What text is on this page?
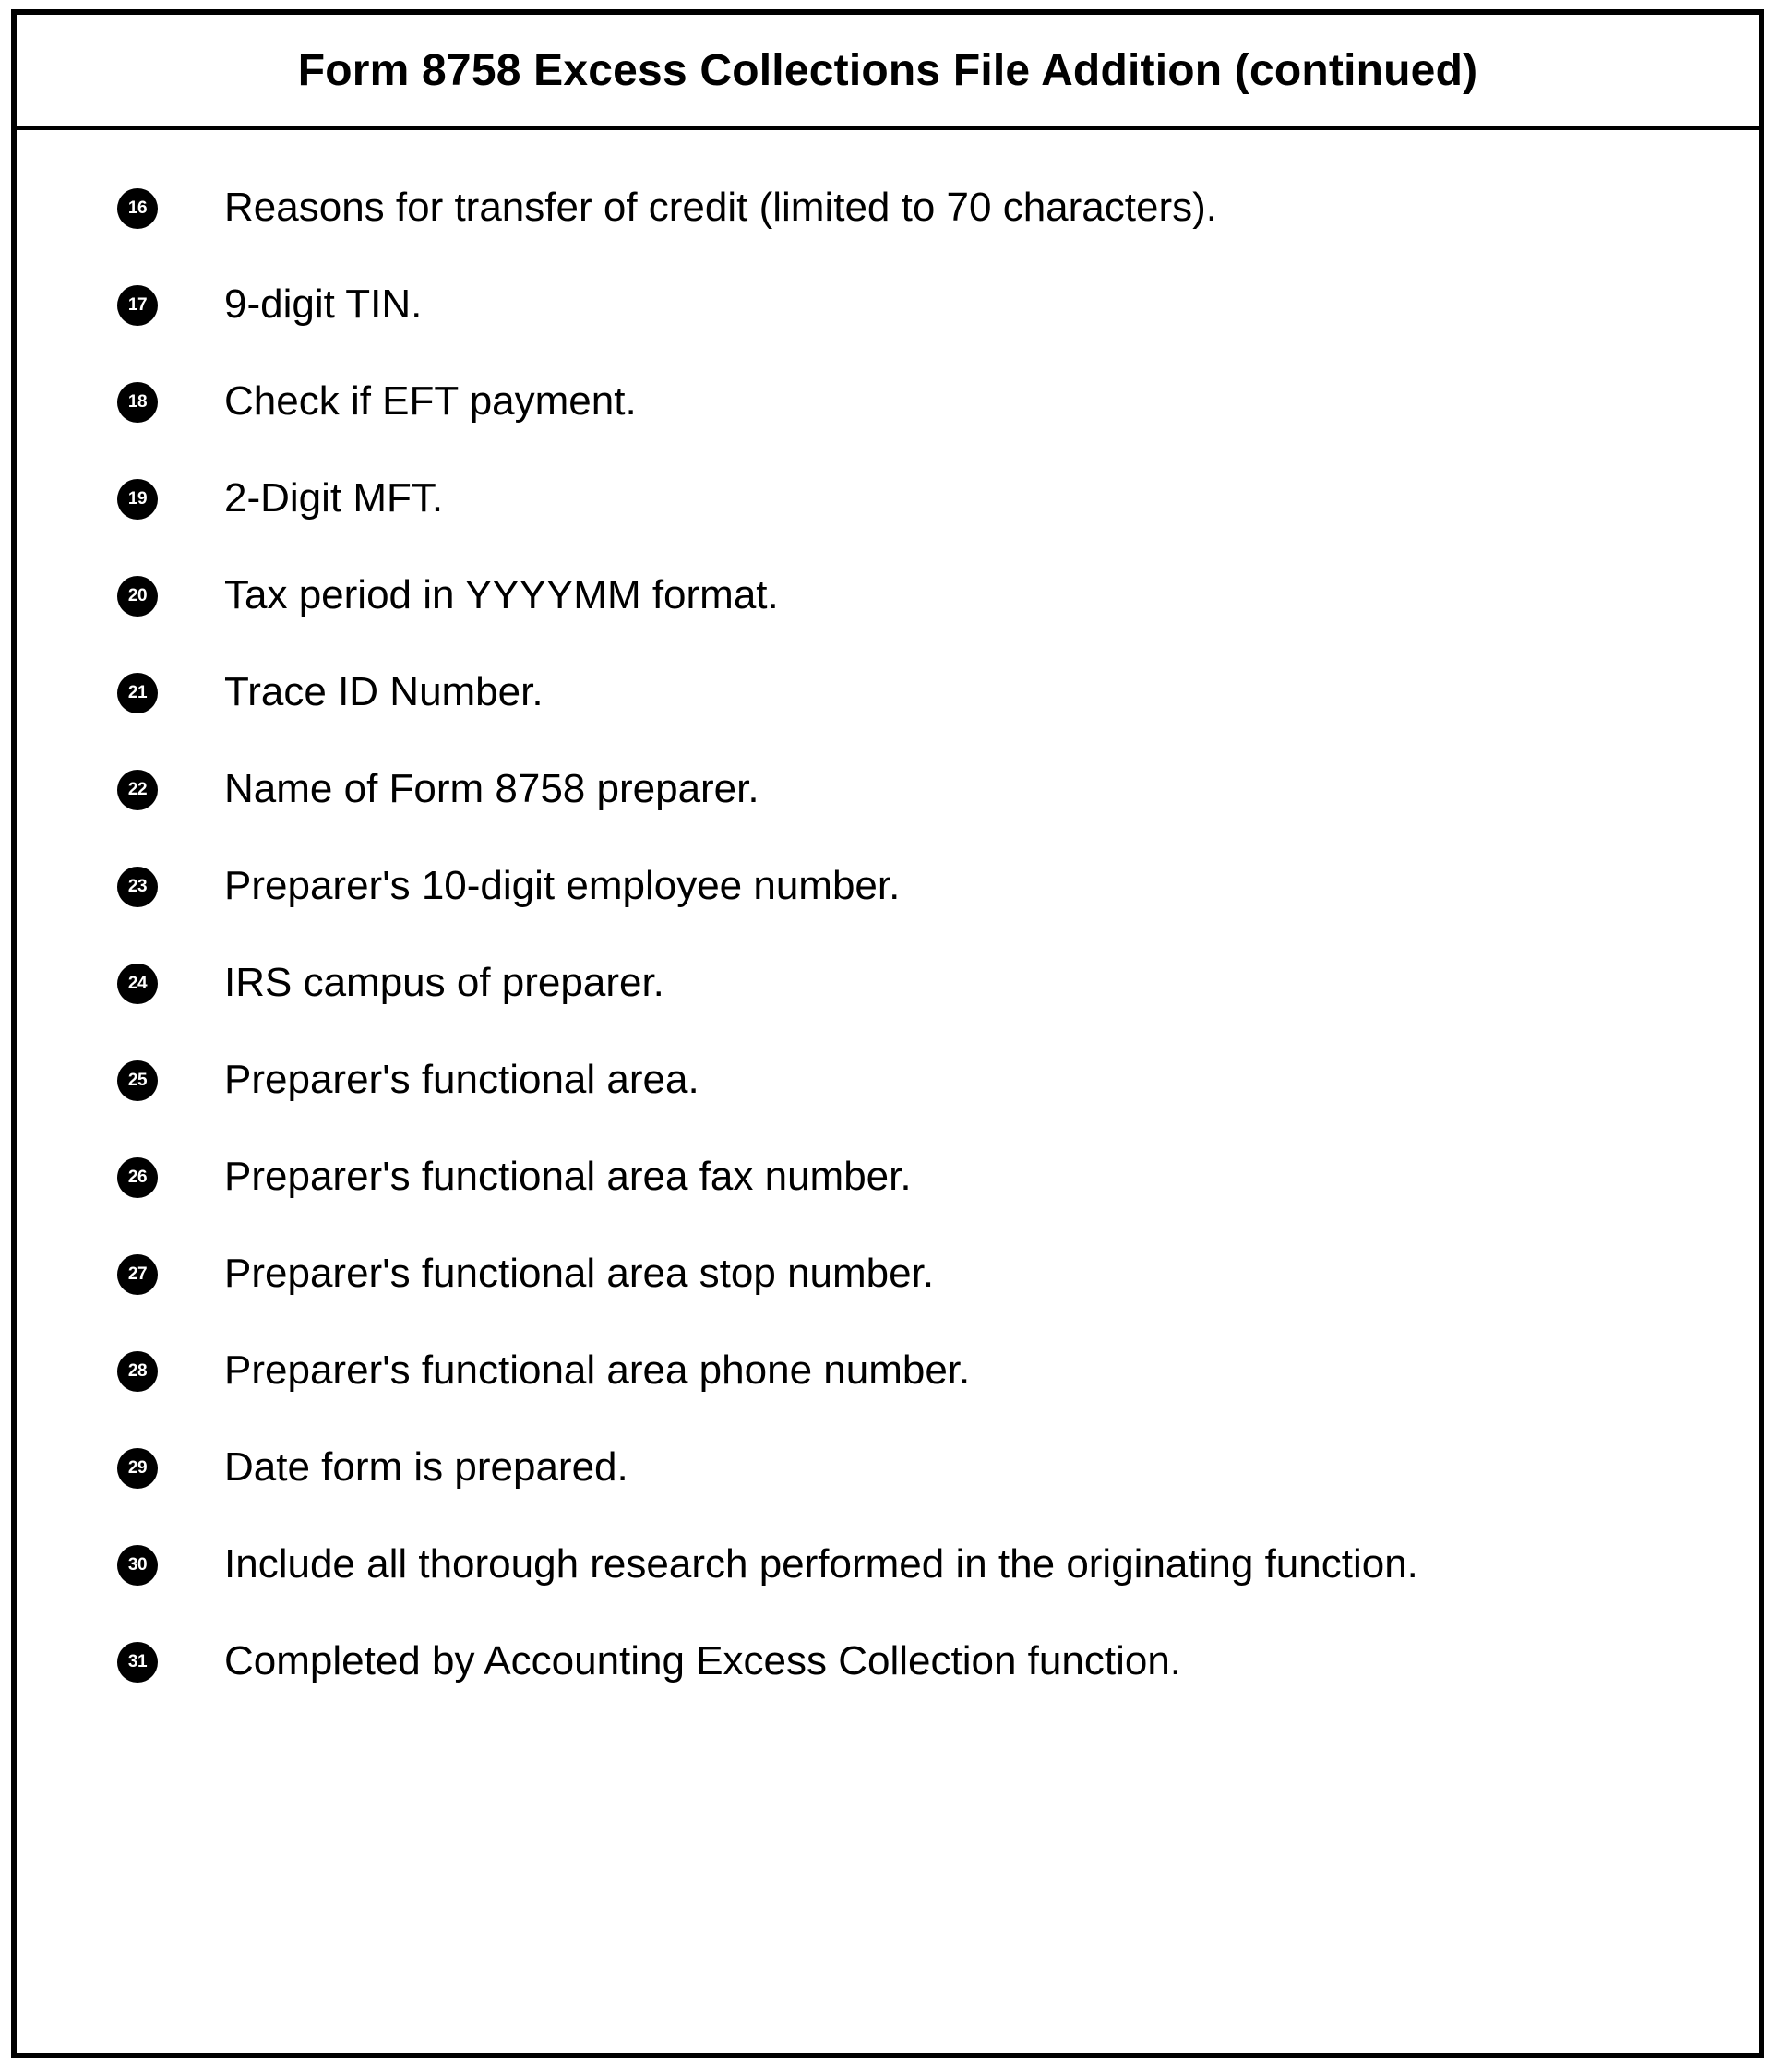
Form 8758 Excess Collections File Addition (continued)
16 Reasons for transfer of credit (limited to 70 characters).
17 9-digit TIN.
18 Check if EFT payment.
19 2-Digit MFT.
20 Tax period in YYYYMM format.
21 Trace ID Number.
22 Name of Form 8758 preparer.
23 Preparer's 10-digit employee number.
24 IRS campus of preparer.
25 Preparer's functional area.
26 Preparer's functional area fax number.
27 Preparer's functional area stop number.
28 Preparer's functional area phone number.
29 Date form is prepared.
30 Include all thorough research performed in the originating function.
31 Completed by Accounting Excess Collection function.
